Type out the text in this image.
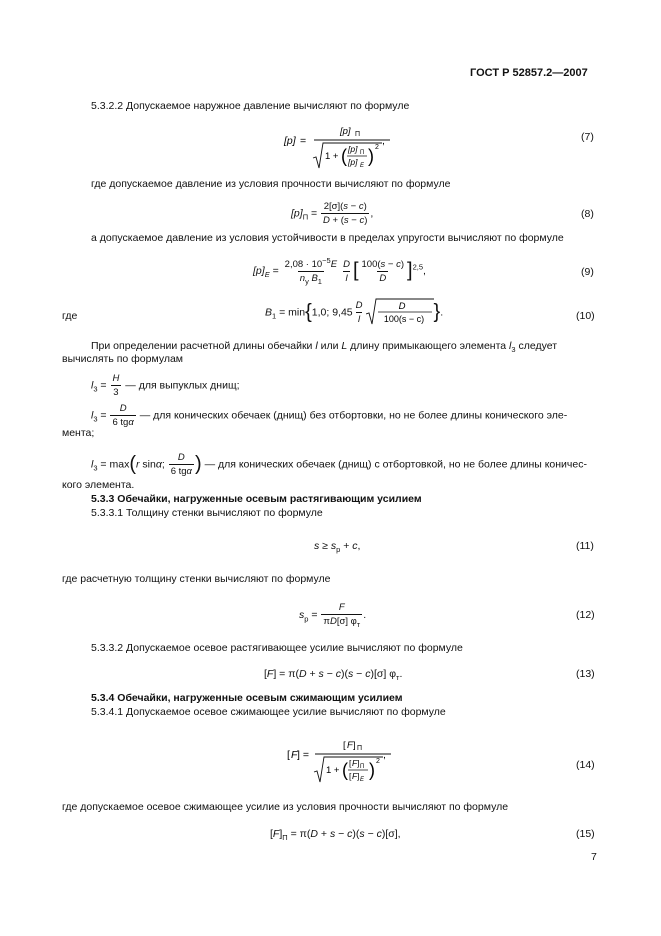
ГОСТ Р 52857.2—2007
5.3.2.2 Допускаемое наружное давление вычисляют по формуле
[p] =
[p] П
1 + ( [p] П
[p] E ) 2
,	(7)
где допускаемое давление из условия прочности вычисляют по формуле
$[p]_П = \frac{2[\sigma](s - c)}{D + (s - c)}$ ,	(8)
а допускаемое давление из условия устойчивости в пределах упругости вычисляют по формуле
$[p]_E = \frac{2,08 \cdot 10^{-5}E}{n_y B_1} \frac{D}{l}$ [ $\frac{100(s - c)}{D} ]^{2,5}$,	(9)
где	$B_1 = \min\{1,0$; $9,45 \frac{D}{l}$	D
100(s − c) }.	(10)
При определении расчетной длины обечайки l или L длину примыкающего элемента $l_3$ следует
вычислять по формулам
$l_3 = \frac{H}{3}$ — для выпуклых днищ;
$l_3$ =
D
6 tgα
— для конических обечаек (днищ) без отбортовки, но не более длины конического эле-
мента;
$l_3 = \max(r$ sinα;
D
6 tgα ) — для конических обечаек (днищ) с отбортовкой, но не более длины коничес-
кого элемента.
5.3.3 Обечайки, нагруженные осевым растягивающим усилием
5.3.3.1 Толщину стенки вычисляют по формуле
$s \ge s_р + c$,	(11)
где расчетную толщину стенки вычисляют по формуле
$s_р$ =
F
πD[σ] $\varphi_т$
.	(12)
5.3.3.2 Допускаемое осевое растягивающее усилие вычисляют по формуле
[F] = π(D + s − c)(s − c)[σ] $\varphi_т$.	(13)
5.3.4 Обечайки, нагруженные осевым сжимающим усилием
5.3.4.1 Допускаемое осевое сжимающее усилие вычисляют по формуле
[ F ] =
[ F ] П
1 + ( [ F ] П
[ F ] E ) 2
,
(14)
где допускаемое осевое сжимающее усилие из условия прочности вычисляют по формуле
$[F]_П = \pi(D + s - c)(s - c)[\sigma]$,	(15)
7
